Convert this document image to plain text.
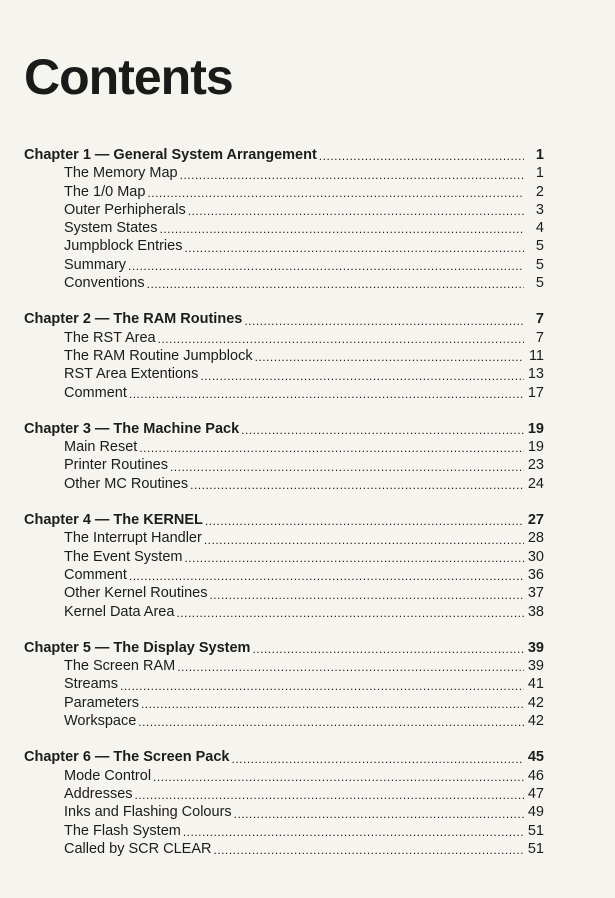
Contents
Chapter 1 — General System Arrangement .....	1
The Memory Map .....	1
The 1/0 Map .....	2
Outer Perhipherals .....	3
System States .....	4
Jumpblock Entries .....	5
Summary .....	5
Conventions .....	5
Chapter 2 — The RAM Routines .....	7
The RST Area .....	7
The RAM Routine Jumpblock .....	11
RST Area Extentions .....	13
Comment .....	17
Chapter 3 — The Machine Pack .....	19
Main Reset .....	19
Printer Routines .....	23
Other MC Routines .....	24
Chapter 4 — The KERNEL .....	27
The Interrupt Handler .....	28
The Event System .....	30
Comment .....	36
Other Kernel Routines .....	37
Kernel Data Area .....	38
Chapter 5 — The Display System .....	39
The Screen RAM .....	39
Streams .....	41
Parameters .....	42
Workspace .....	42
Chapter 6 — The Screen Pack .....	45
Mode Control .....	46
Addresses .....	47
Inks and Flashing Colours .....	49
The Flash System .....	51
Called by SCR CLEAR .....	51
